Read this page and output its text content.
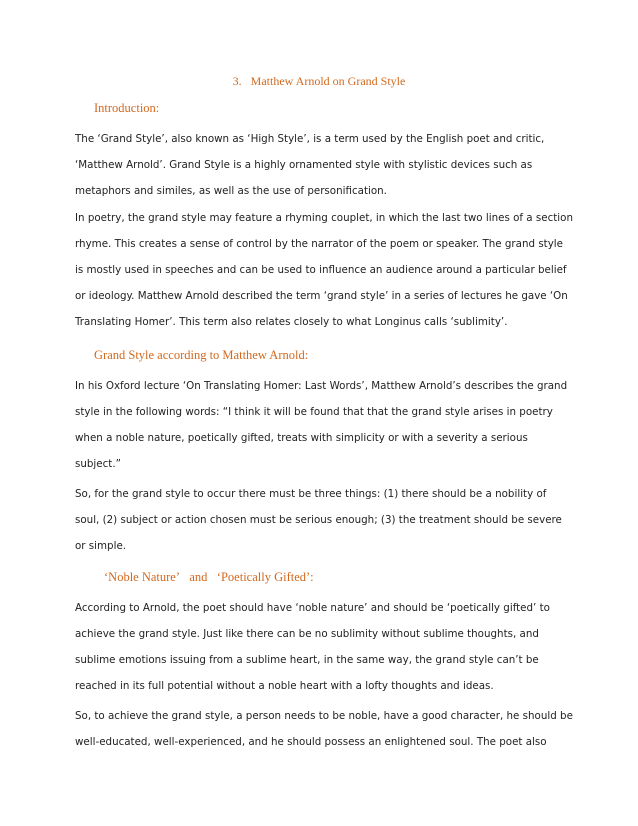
3.   Matthew Arnold on Grand Style
Introduction:
The ‘Grand Style’, also known as ‘High Style’, is a term used by the English poet and critic,
‘Matthew Arnold’. Grand Style is a highly ornamented style with stylistic devices such as
metaphors and similes, as well as the use of personification.
In poetry, the grand style may feature a rhyming couplet, in which the last two lines of a section
rhyme. This creates a sense of control by the narrator of the poem or speaker. The grand style
is mostly used in speeches and can be used to influence an audience around a particular belief
or ideology. Matthew Arnold described the term ‘grand style’ in a series of lectures he gave ‘On
Translating Homer’. This term also relates closely to what Longinus calls ‘sublimity’.
Grand Style according to Matthew Arnold:
In his Oxford lecture ‘On Translating Homer: Last Words’, Matthew Arnold’s describes the grand
style in the following words: “I think it will be found that that the grand style arises in poetry
when a noble nature, poetically gifted, treats with simplicity or with a severity a serious
subject.”
So, for the grand style to occur there must be three things: (1) there should be a nobility of
soul, (2) subject or action chosen must be serious enough; (3) the treatment should be severe
or simple.
‘Noble Nature’   and   ‘Poetically Gifted’:
According to Arnold, the poet should have ‘noble nature’ and should be ‘poetically gifted’ to
achieve the grand style. Just like there can be no sublimity without sublime thoughts, and
sublime emotions issuing from a sublime heart, in the same way, the grand style can’t be
reached in its full potential without a noble heart with a lofty thoughts and ideas.
So, to achieve the grand style, a person needs to be noble, have a good character, he should be
well-educated, well-experienced, and he should possess an enlightened soul. The poet also
